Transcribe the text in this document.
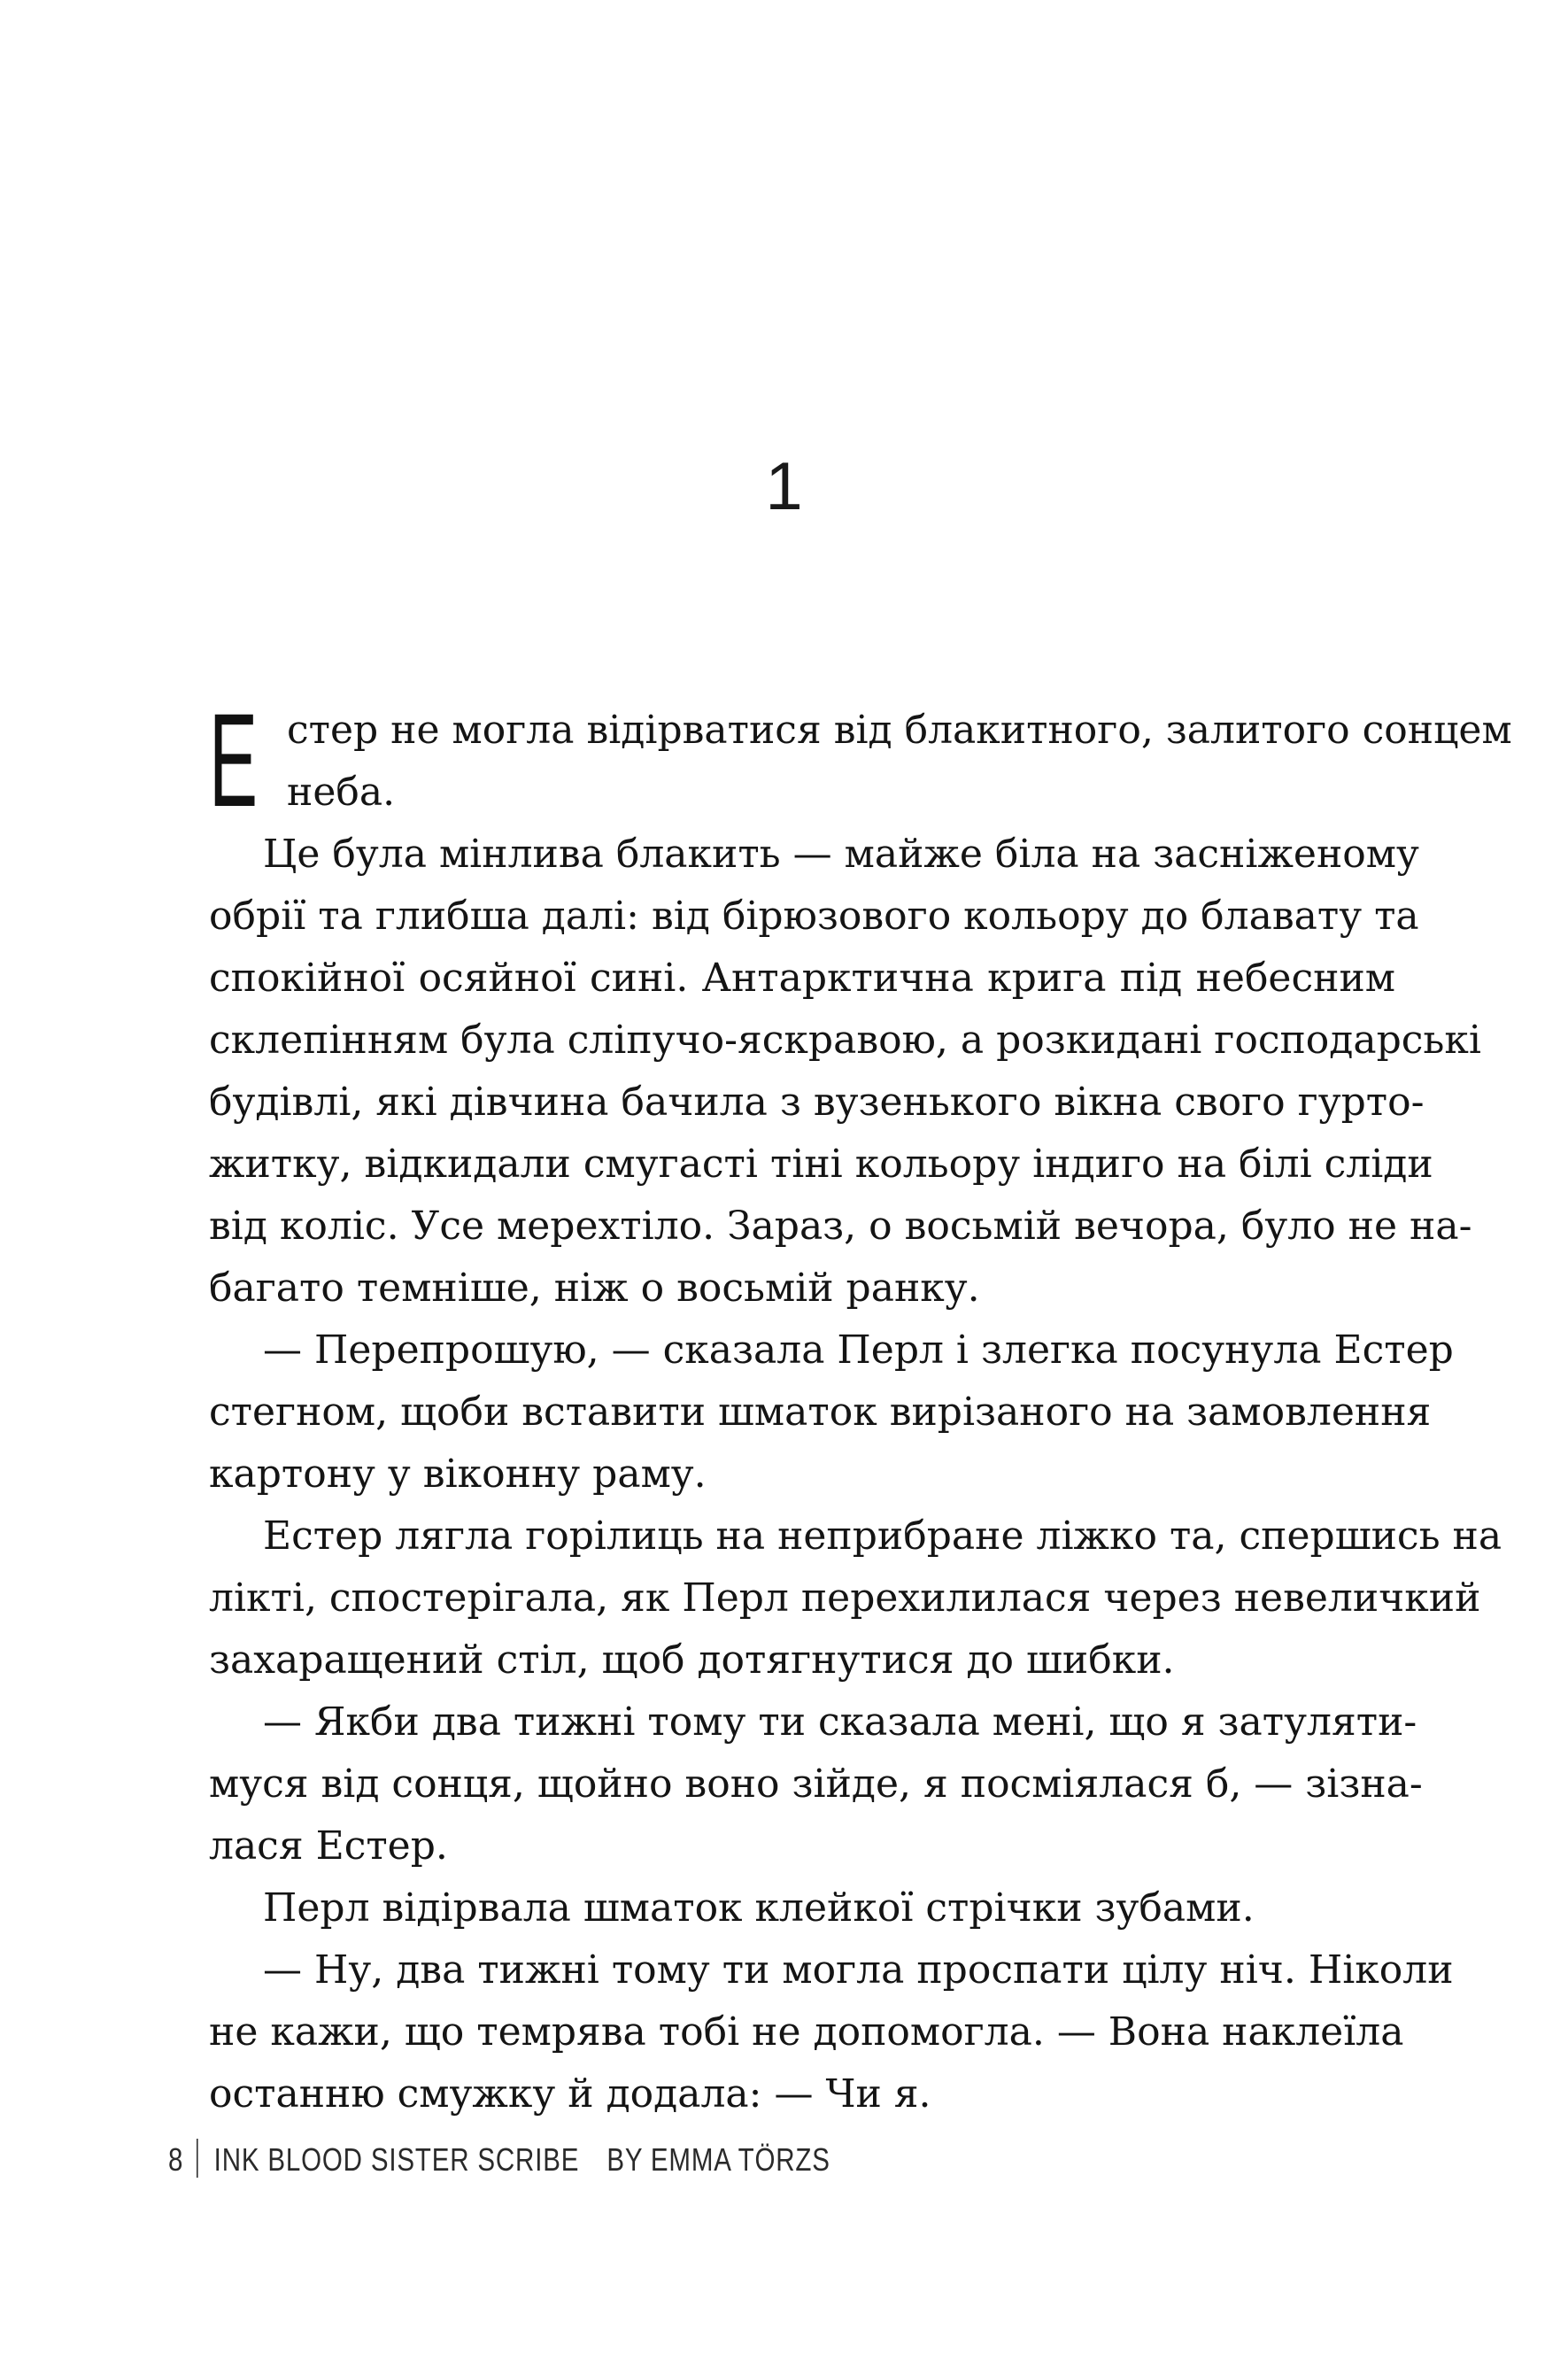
1
Е стер не могла відірватися від блакитного, залитого сонцем
неба.
Це була мінлива блакить — майже біла на засніженому
обрії та глибша далі: від бірюзового кольору до блавату та
спокійної осяйної сині. Антарктична крига під небесним
склепінням була сліпучо-яскравою, а розкидані господарські
будівлі, які дівчина бачила з вузенького вікна свого гурто-
житку, відкидали смугасті тіні кольору індиго на білі сліди
від коліс. Усе мерехтіло. Зараз, о восьмій вечора, було не на-
багато темніше, ніж о восьмій ранку.
— Перепрошую, — сказала Перл і злегка посунула Естер
стегном, щоби вставити шматок вирізаного на замовлення
картону у віконну раму.
Естер лягла горілиць на неприбране ліжко та, спершись на
лікті, спостерігала, як Перл перехилилася через невеличкий
захаращений стіл, щоб дотягнутися до шибки.
— Якби два тижні тому ти сказала мені, що я затуляти-
муся від сонця, щойно воно зійде, я посміялася б, — зізна-
лася Естер.
Перл відірвала шматок клейкої стрічки зубами.
— Ну, два тижні тому ти могла проспати цілу ніч. Ніколи
не кажи, що темрява тобі не допомогла. — Вона наклеїла
останню смужку й додала: — Чи я.
8 INK BLOOD SISTER SCRIBE BY EMMA TÖRZS
